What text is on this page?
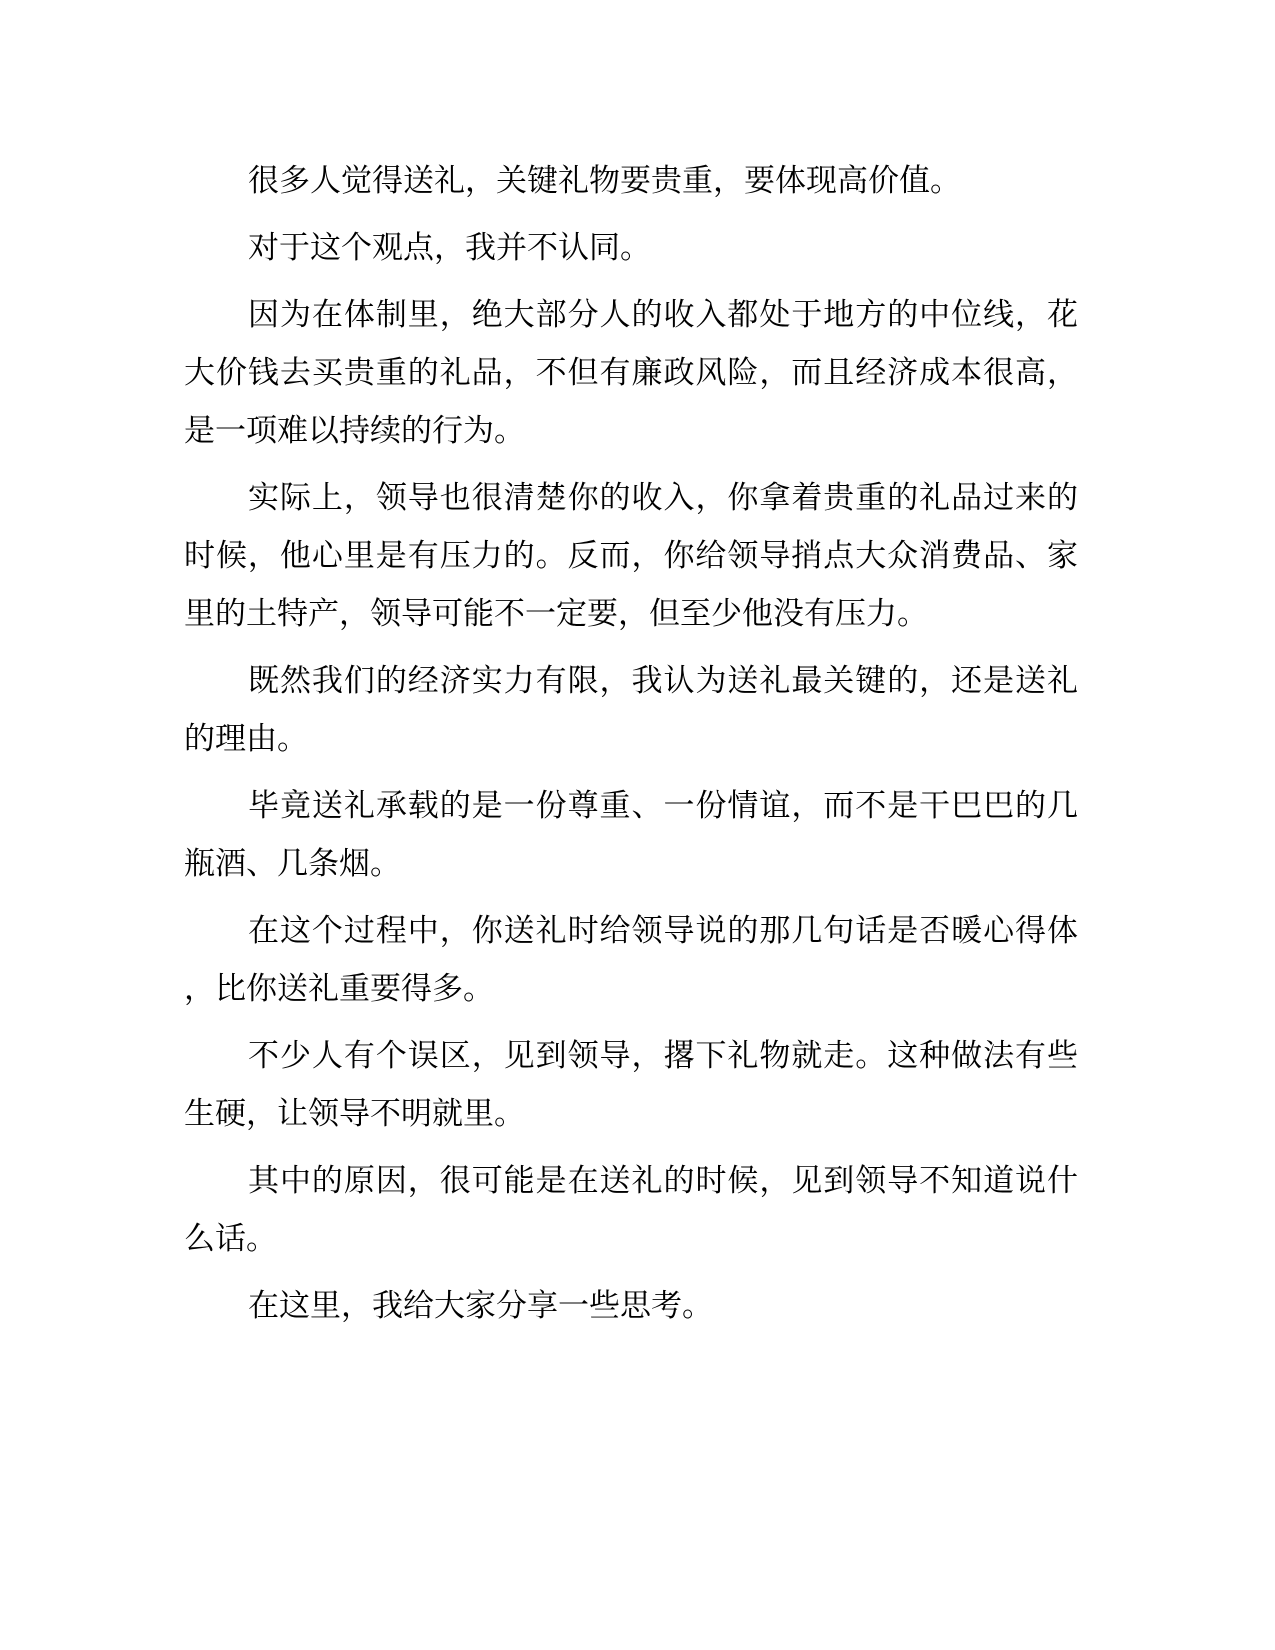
很多人觉得送礼，关键礼物要贵重，要体现高价值。

对于这个观点，我并不认同。

因为在体制里，绝大部分人的收入都处于地方的中位线，花大价钱去买贵重的礼品，不但有廉政风险，而且经济成本很高，是一项难以持续的行为。

实际上，领导也很清楚你的收入，你拿着贵重的礼品过来的时候，他心里是有压力的。反而，你给领导捎点大众消费品、家里的土特产，领导可能不一定要，但至少他没有压力。

既然我们的经济实力有限，我认为送礼最关键的，还是送礼的理由。

毕竟送礼承载的是一份尊重、一份情谊，而不是干巴巴的几瓶酒、几条烟。

在这个过程中，你送礼时给领导说的那几句话是否暖心得体，比你送礼重要得多。

不少人有个误区，见到领导，撂下礼物就走。这种做法有些生硬，让领导不明就里。

其中的原因，很可能是在送礼的时候，见到领导不知道说什么话。

在这里，我给大家分享一些思考。
